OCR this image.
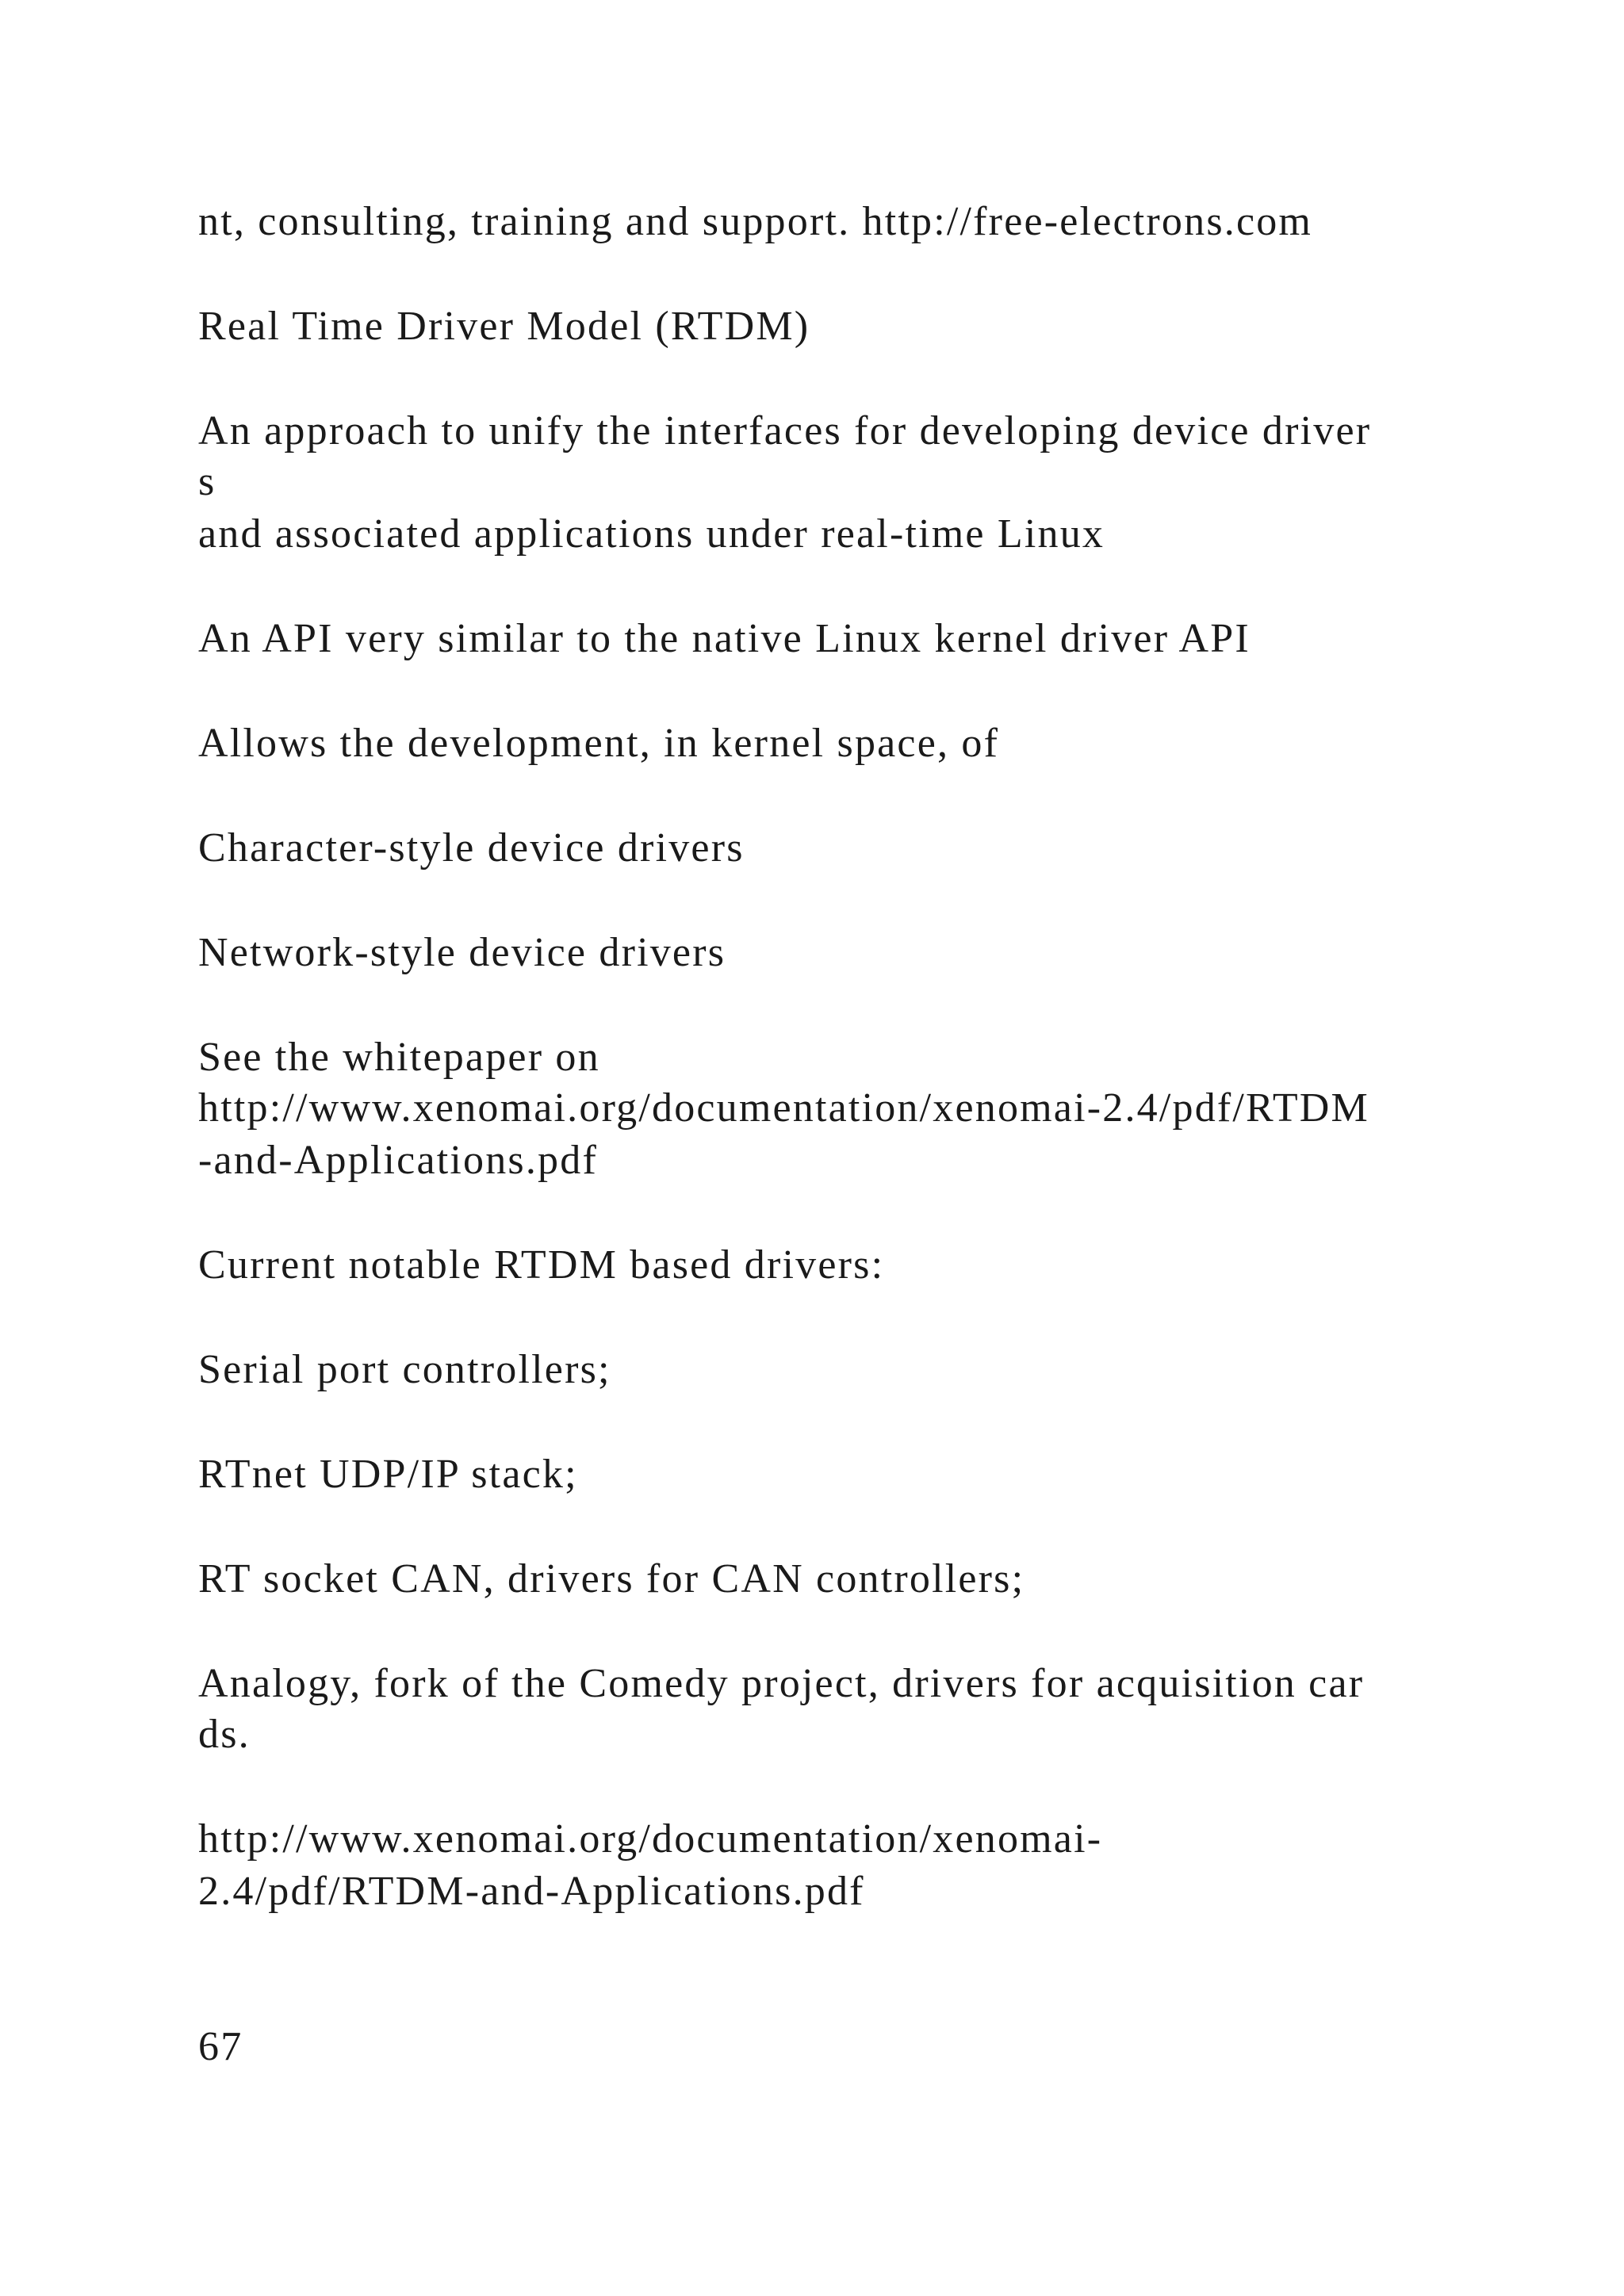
nt, consulting, training and support. http://free-electrons.com

Real Time Driver Model (RTDM)

An approach to unify the interfaces for developing device driver

s

and associated applications under real-time Linux

An API very similar to the native Linux kernel driver API

Allows the development, in kernel space, of

Character-style device drivers

Network-style device drivers

See the whitepaper on

http://www.xenomai.org/documentation/xenomai-2.4/pdf/RTDM

-and-Applications.pdf

Current notable RTDM based drivers:

Serial port controllers;

RTnet UDP/IP stack;

RT socket CAN, drivers for CAN controllers;

Analogy, fork of the Comedy project, drivers for acquisition car

ds.

http://www.xenomai.org/documentation/xenomai-

2.4/pdf/RTDM-and-Applications.pdf

67
